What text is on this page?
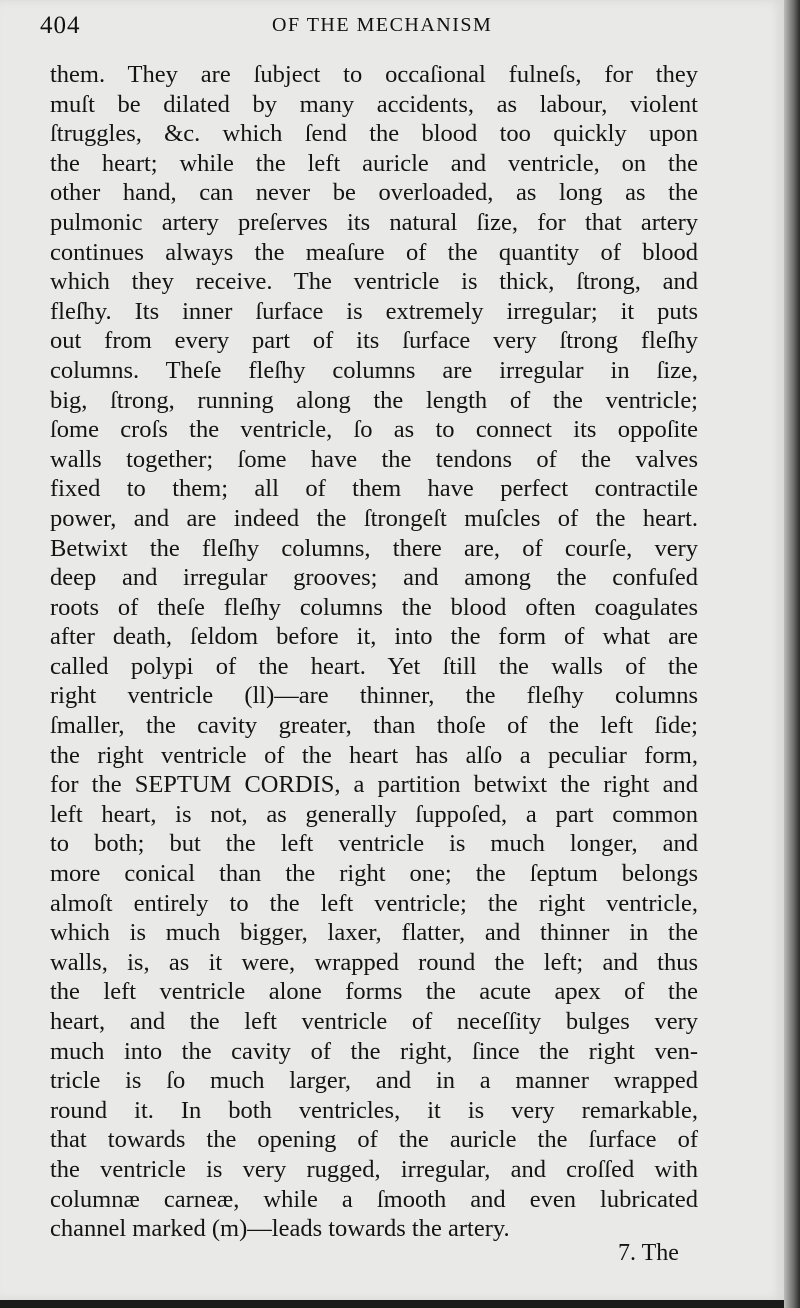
404	OF THE MECHANISM
them. They are ſubject to occaſional fulneſs, for they
muſt be dilated by many accidents, as labour, violent
ſtruggles, &c. which ſend the blood too quickly upon
the heart; while the left auricle and ventricle, on the
other hand, can never be overloaded, as long as the
pulmonic artery preſerves its natural ſize, for that artery
continues always the meaſure of the quantity of blood
which they receive. The ventricle is thick, ſtrong, and
fleſhy. Its inner ſurface is extremely irregular; it puts
out from every part of its ſurface very ſtrong fleſhy
columns. Theſe fleſhy columns are irregular in ſize,
big, ſtrong, running along the length of the ventricle;
ſome croſs the ventricle, ſo as to connect its oppoſite
walls together; ſome have the tendons of the valves
fixed to them; all of them have perfect contractile
power, and are indeed the ſtrongeſt muſcles of the heart.
Betwixt the fleſhy columns, there are, of courſe, very
deep and irregular grooves; and among the confuſed
roots of theſe fleſhy columns the blood often coagulates
after death, ſeldom before it, into the form of what are
called polypi of the heart. Yet ſtill the walls of the
right ventricle (ll)—are thinner, the fleſhy columns
ſmaller, the cavity greater, than thoſe of the left ſide;
the right ventricle of the heart has alſo a peculiar form,
for the SEPTUM CORDIS, a partition betwixt the right and
left heart, is not, as generally ſuppoſed, a part common
to both; but the left ventricle is much longer, and
more conical than the right one; the ſeptum belongs
almoſt entirely to the left ventricle; the right ventricle,
which is much bigger, laxer, flatter, and thinner in the
walls, is, as it were, wrapped round the left; and thus
the left ventricle alone forms the acute apex of the
heart, and the left ventricle of neceſſity bulges very
much into the cavity of the right, ſince the right ven-
tricle is ſo much larger, and in a manner wrapped
round it. In both ventricles, it is very remarkable,
that towards the opening of the auricle the ſurface of
the ventricle is very rugged, irregular, and croſſed with
columnæ carneæ, while a ſmooth and even lubricated
channel marked (m)—leads towards the artery.
7. The
